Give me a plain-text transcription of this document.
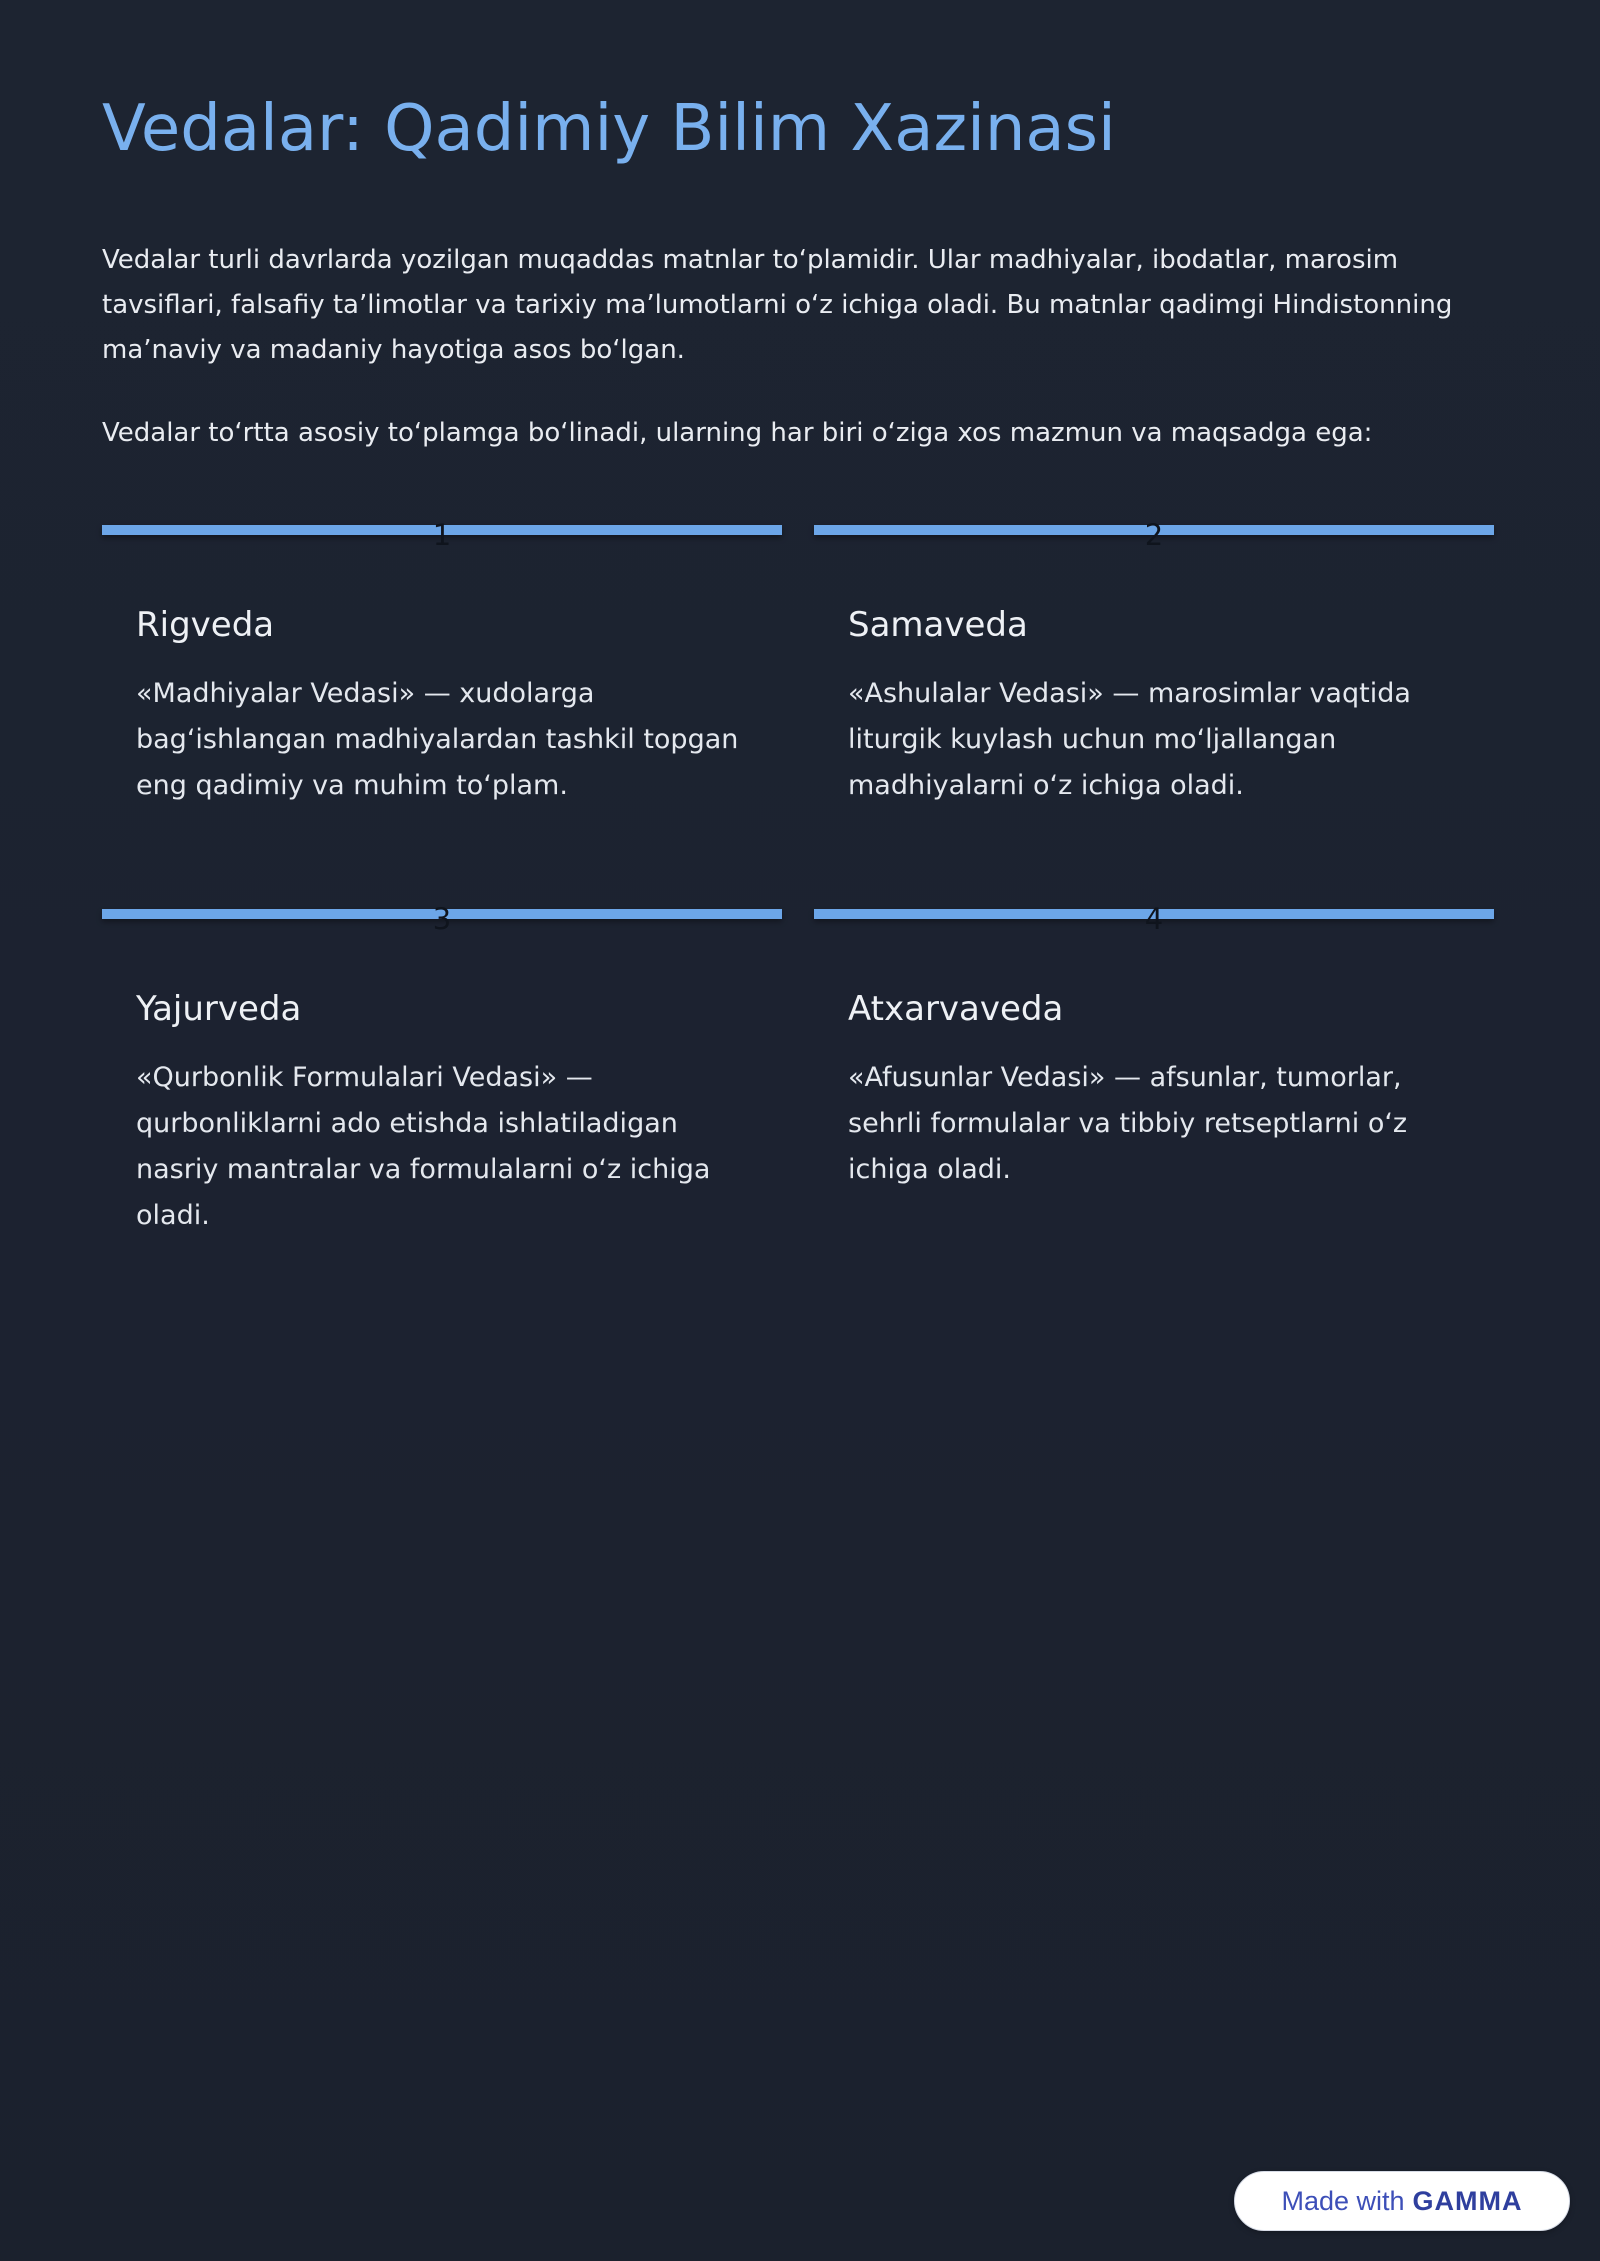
Vedalar: Qadimiy Bilim Xazinasi

Vedalar turli davrlarda yozilgan muqaddas matnlar to‘plamidir. Ular madhiyalar, ibodatlar, marosim tavsiflari, falsafiy ta’limotlar va tarixiy ma’lumotlarni o‘z ichiga oladi. Bu matnlar qadimgi Hindistonning ma’naviy va madaniy hayotiga asos bo‘lgan.

Vedalar to‘rtta asosiy to‘plamga bo‘linadi, ularning har biri o‘ziga xos mazmun va maqsadga ega:

1
Rigveda

«Madhiyalar Vedasi» — xudolarga bag‘ishlangan madhiyalardan tashkil topgan eng qadimiy va muhim to‘plam.

2
Samaveda

«Ashulalar Vedasi» — marosimlar vaqtida liturgik kuylash uchun mo‘ljallangan madhiyalarni o‘z ichiga oladi.

3
Yajurveda

«Qurbonlik Formulalari Vedasi» — qurbonliklarni ado etishda ishlatiladigan nasriy mantralar va formulalarni o‘z ichiga oladi.

4
Atxarvaveda

«Afusunlar Vedasi» — afsunlar, tumorlar, sehrli formulalar va tibbiy retseptlarni o‘z ichiga oladi.

Made with GAMMA
